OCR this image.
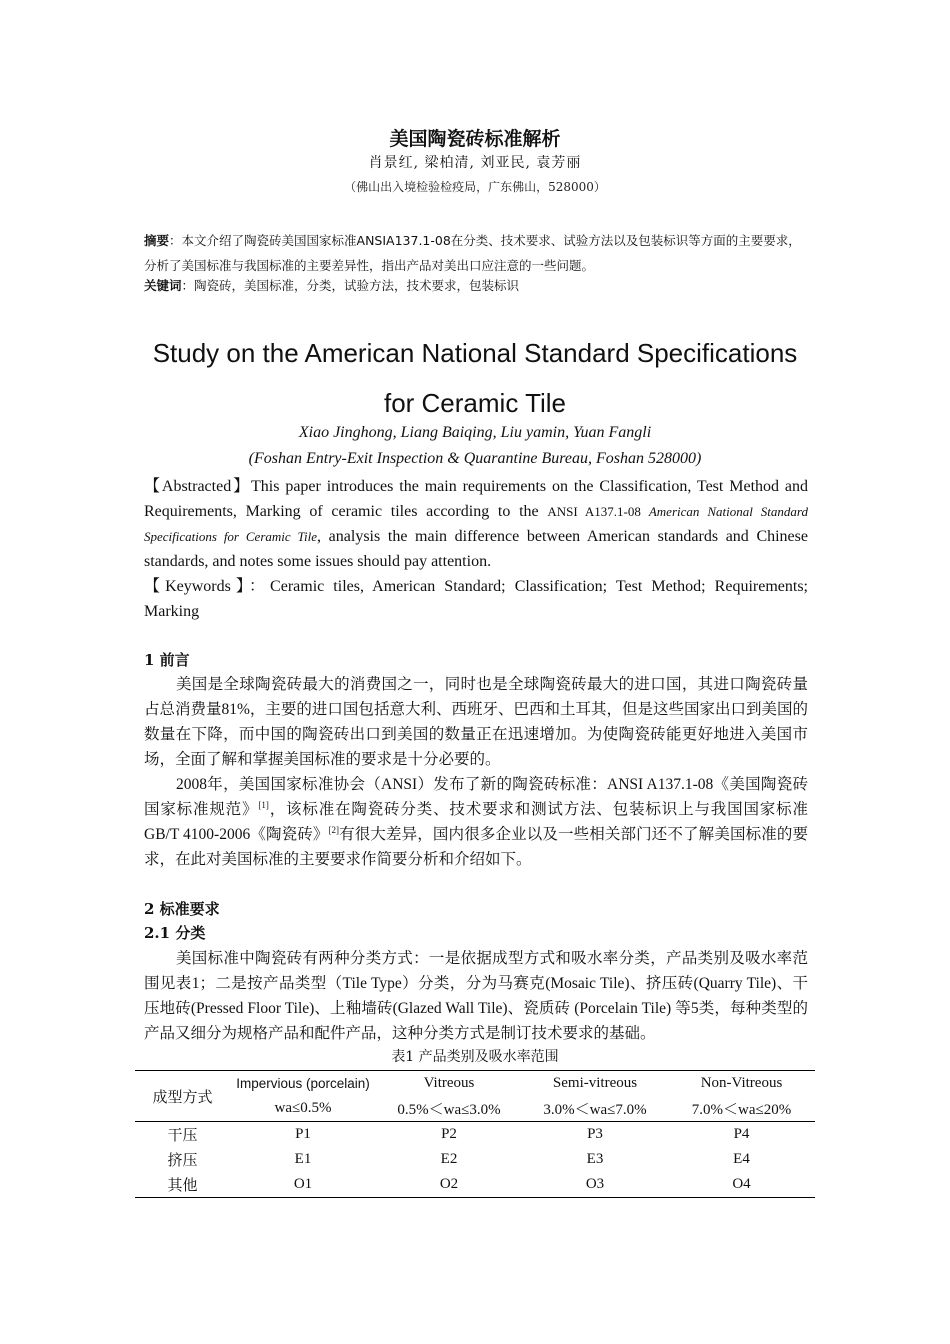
美国陶瓷砖标准解析
肖景红, 梁柏清, 刘亚民, 袁芳丽
（佛山出入境检验检疫局，广东佛山，528000）
摘要：本文介绍了陶瓷砖美国国家标准ANSIA137.1-08在分类、技术要求、试验方法以及包装标识等方面的主要要求，分析了美国标准与我国标准的主要差异性，指出产品对美出口应注意的一些问题。
关键词：陶瓷砖，美国标准，分类，试验方法，技术要求，包装标识
Study on the American National Standard Specifications
for Ceramic Tile
Xiao Jinghong, Liang Baiqing, Liu yamin, Yuan Fangli
(Foshan Entry-Exit Inspection & Quarantine Bureau, Foshan 528000)
【Abstracted】This paper introduces the main requirements on the Classification, Test Method and Requirements, Marking of ceramic tiles according to the ANSI A137.1-08 American National Standard Specifications for Ceramic Tile, analysis the main difference between American standards and Chinese standards, and notes some issues should pay attention.
【Keywords】：Ceramic tiles, American Standard; Classification; Test Method; Requirements; Marking
1 前言
美国是全球陶瓷砖最大的消费国之一，同时也是全球陶瓷砖最大的进口国，其进口陶瓷砖量占总消费量81%，主要的进口国包括意大利、西班牙、巴西和土耳其，但是这些国家出口到美国的数量在下降，而中国的陶瓷砖出口到美国的数量正在迅速增加。为使陶瓷砖能更好地进入美国市场，全面了解和掌握美国标准的要求是十分必要的。
2008年，美国国家标准协会（ANSI）发布了新的陶瓷砖标准：ANSI A137.1-08《美国陶瓷砖国家标准规范》[1]，该标准在陶瓷砖分类、技术要求和测试方法、包装标识上与我国国家标准GB/T 4100-2006《陶瓷砖》[2]有很大差异，国内很多企业以及一些相关部门还不了解美国标准的要求，在此对美国标准的主要要求作简要分析和介绍如下。
2 标准要求
2.1 分类
美国标准中陶瓷砖有两种分类方式：一是依据成型方式和吸水率分类，产品类别及吸水率范围见表1；二是按产品类型（Tile Type）分类，分为马赛克(Mosaic Tile)、挤压砖(Quarry Tile)、干压地砖(Pressed Floor Tile)、上釉墙砖(Glazed Wall Tile)、瓷质砖 (Porcelain Tile) 等5类，每种类型的产品又细分为规格产品和配件产品，这种分类方式是制订技术要求的基础。
表1 产品类别及吸水率范围
成型方式	Impervious (porcelain)	Vitreous	Semi-vitreous	Non-Vitreous
	wa≤0.5%	0.5%＜wa≤3.0%	3.0%＜wa≤7.0%	7.0%＜wa≤20%
干压	P1	P2	P3	P4
挤压	E1	E2	E3	E4
其他	O1	O2	O3	O4
